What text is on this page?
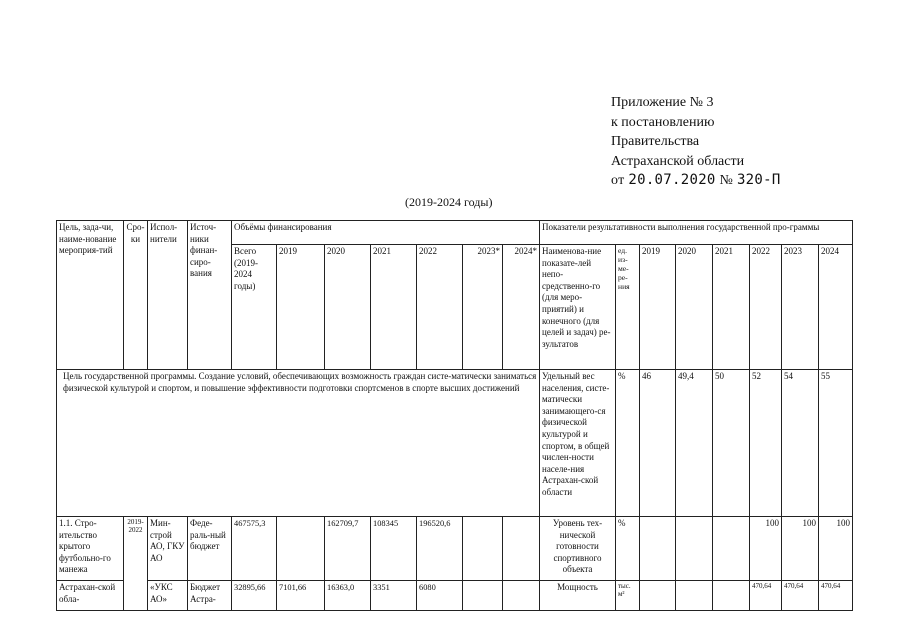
Приложение № 3
к постановлению
Правительства
Астраханской области
от 20.07.2020 № 320-П
(2019-2024 годы)
Цель, зада-чи, наиме-нование мероприя-тий	Сро-ки	Испол-нители	Источ-ники финан-сиро-вания	Объёмы финансирования							Показатели результативности выполнения государственной про-граммы							
				Всего (2019-2024 годы)	2019	2020	2021	2022	2023*	2024*	Наименова-ние показате-лей непо-средственно-го (для меро-приятий) и конечного (для целей и задач) ре-зультатов	ед. из-ме-ре-ния	2019	2020	2021	2022	2023	2024
Цель государственной программы. Создание условий, обеспечивающих возможность граждан систе-матически заниматься физической культурой и спортом, и повышение эффективности подготовки спортсменов в спорте высших достижений											Удельный вес населения, систе-матически занимающего-ся физической культурой и спортом, в общей числен-ности населе-ния Астрахан-ской области	%	46	49,4	50	52	54	55
1.1. Стро-ительство крытого футбольно-го манежа	2019-2022	Мин-строй АО, ГКУ АО	Феде-раль-ный бюджет	467575,3		162709,7	108345	196520,6			Уровень тех-нической готовности спортивного объекта	%				100	100	100
Астрахан-ской обла-		«УКС АО»	Бюджет Астра-	32895,66	7101,66	16363,0	3351	6080			Мощность	тыс. м²				470,64	470,64	470,64
